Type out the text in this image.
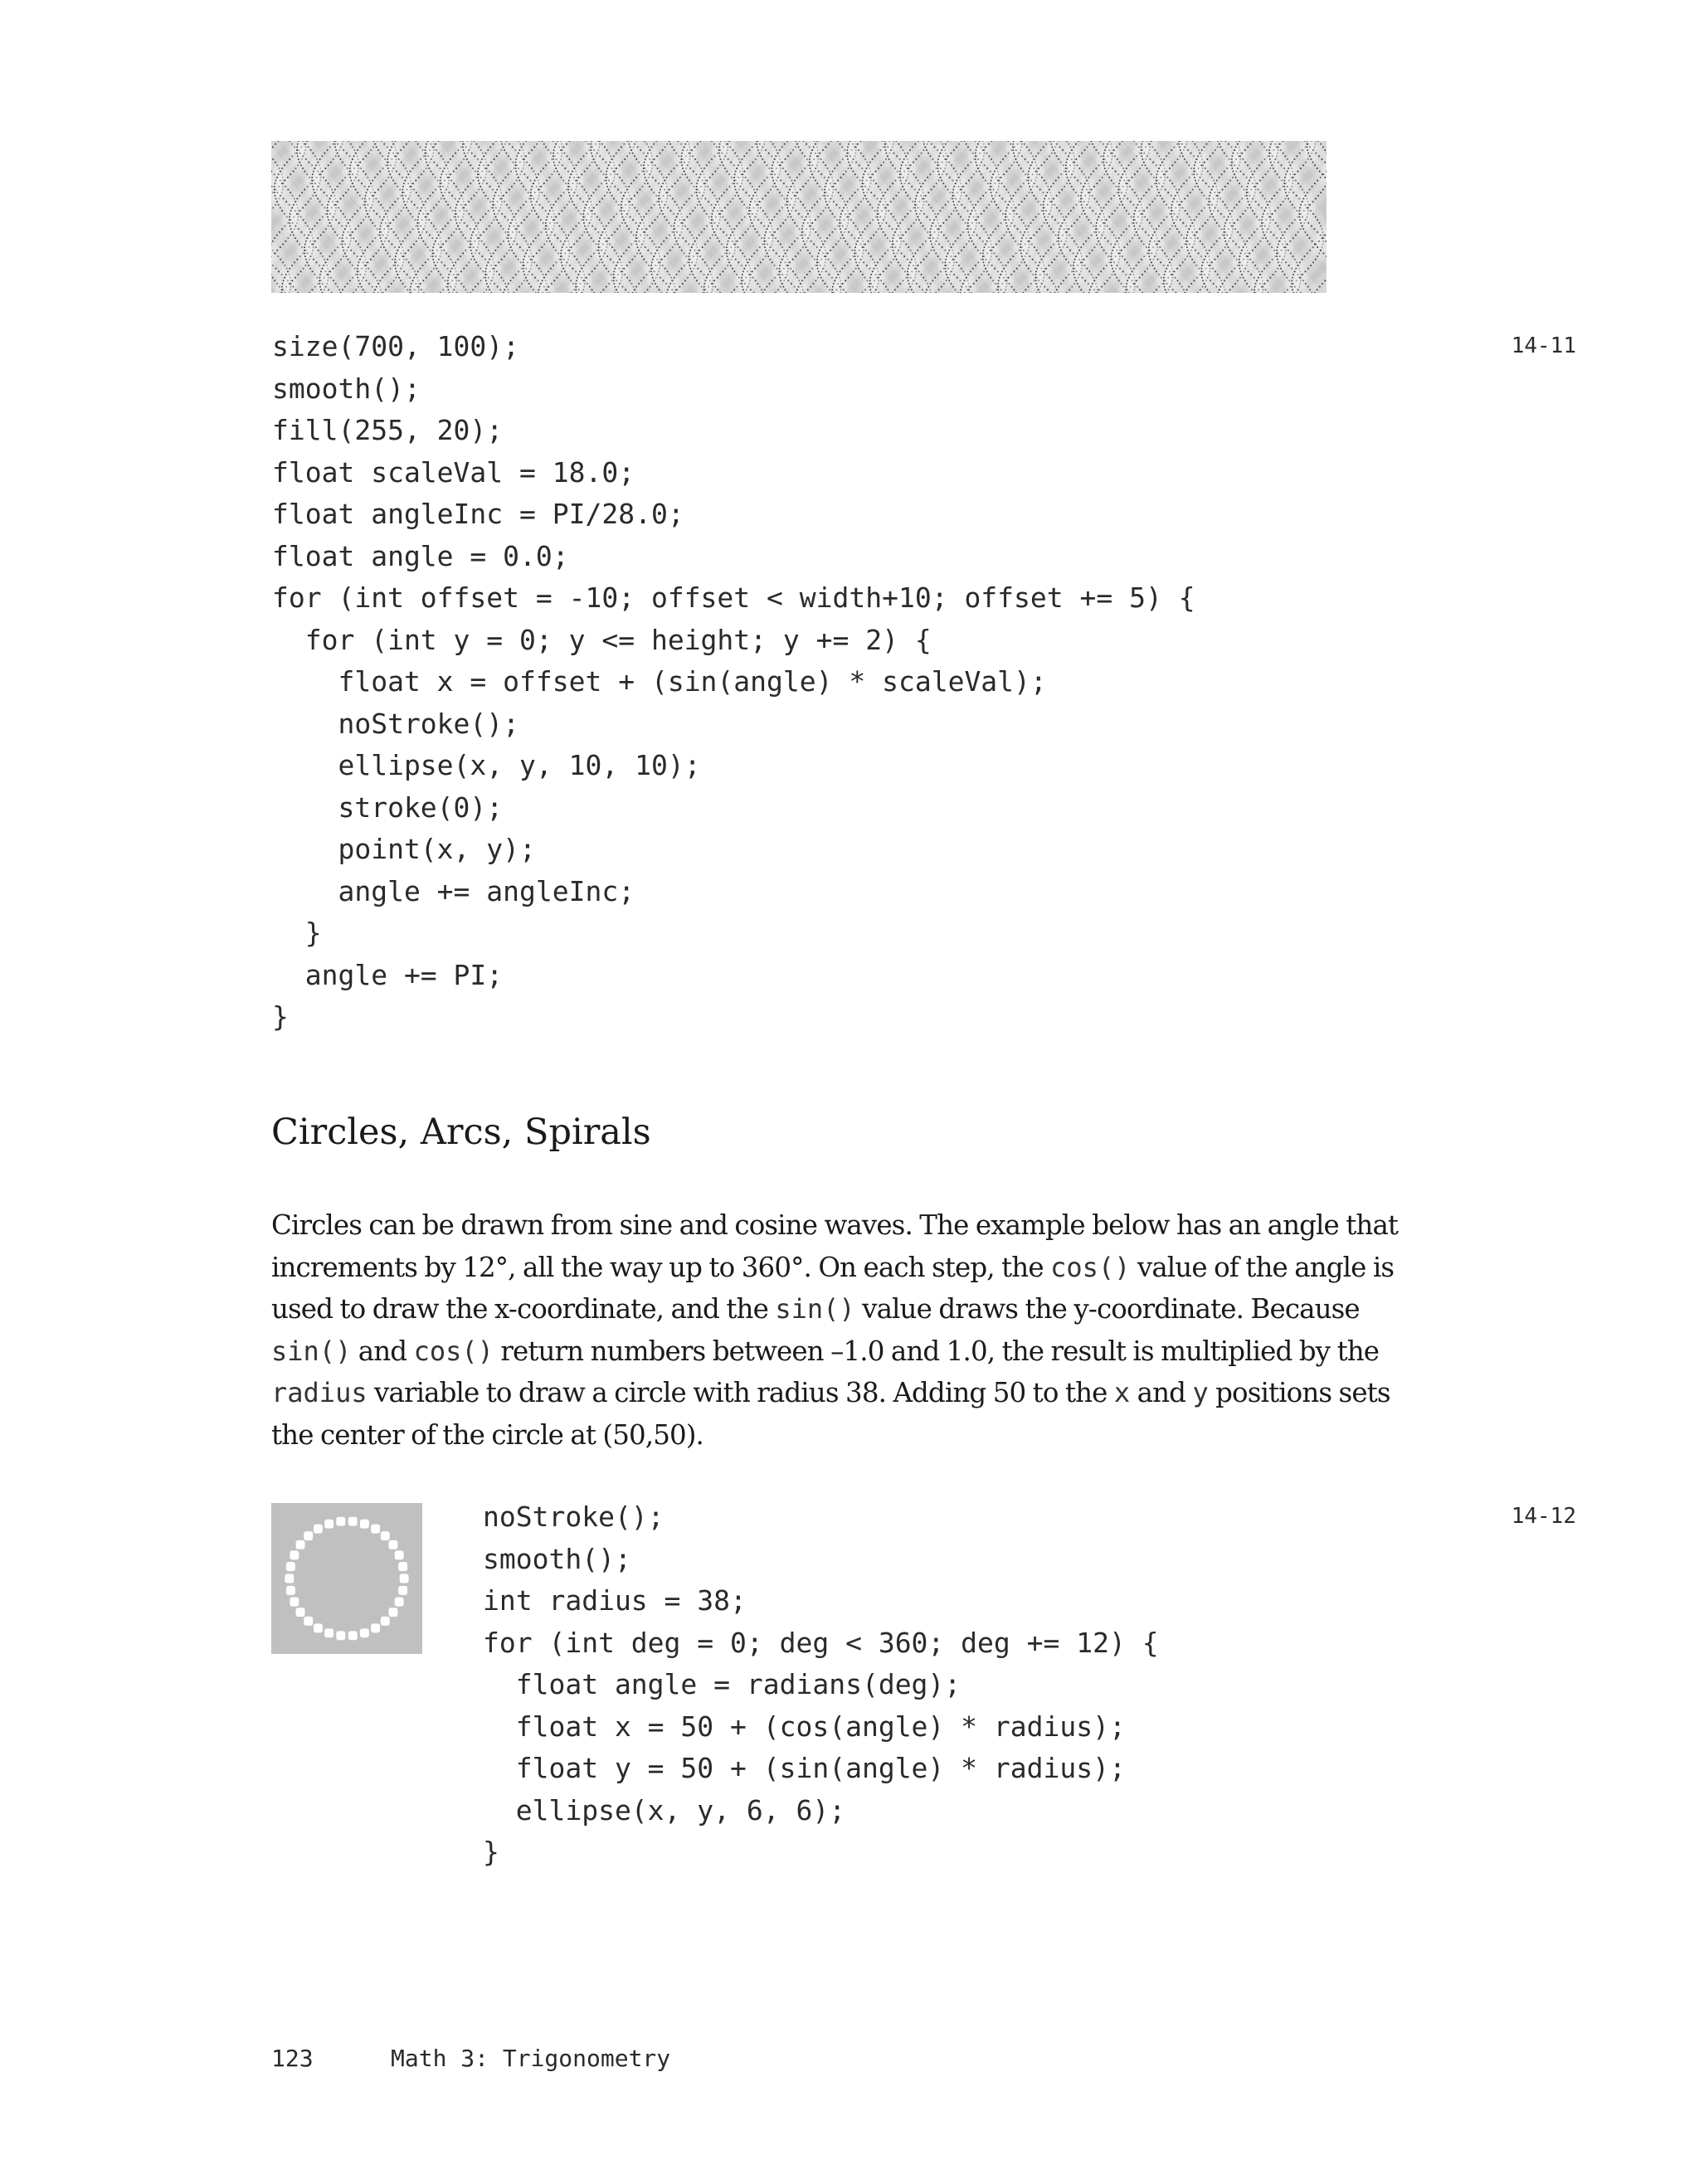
size(700, 100);
smooth();
fill(255, 20);
float scaleVal = 18.0;
float angleInc = PI/28.0;
float angle = 0.0;
for (int offset = -10; offset < width+10; offset += 5) {
for (int y = 0; y <= height; y += 2) {
float x = offset + (sin(angle) * scaleVal);
noStroke();
ellipse(x, y, 10, 10);
stroke(0);
point(x, y);
angle += angleInc;
}
angle += PI;
}
14-11
Circles, Arcs, Spirals

Circles can be drawn from sine and cosine waves. The example below has an angle that
increments by 12°, all the way up to 360°. On each step, the cos() value of the angle is
used to draw the x-coordinate, and the sin() value draws the y-coordinate. Because
sin() and cos() return numbers between –1.0 and 1.0, the result is multiplied by the
radius variable to draw a circle with radius 38. Adding 50 to the x and y positions sets
the center of the circle at (50,50).

noStroke();
smooth();
int radius = 38;
for (int deg = 0; deg < 360; deg += 12) {
float angle = radians(deg);
float x = 50 + (cos(angle) * radius);
float y = 50 + (sin(angle) * radius);
ellipse(x, y, 6, 6);
}
14-12
123	Math 3: Trigonometry
